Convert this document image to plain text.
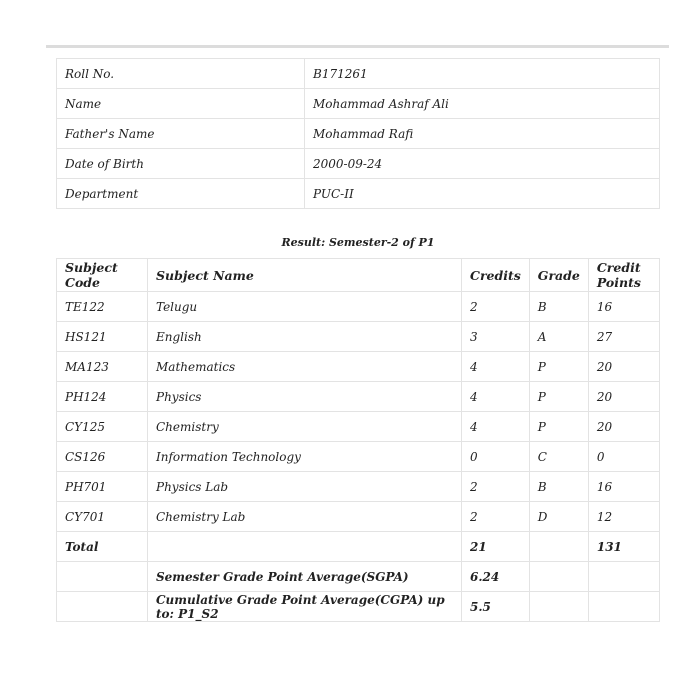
Roll No.	B171261
Name	Mohammad Ashraf Ali
Father's Name	Mohammad Rafi
Date of Birth	2000-09-24
Department	PUC-II
Result: Semester-2 of P1
Subject Code	Subject Name	Credits	Grade	Credit Points
TE122	Telugu	2	B	16
HS121	English	3	A	27
MA123	Mathematics	4	P	20
PH124	Physics	4	P	20
CY125	Chemistry	4	P	20
CS126	Information Technology	0	C	0
PH701	Physics Lab	2	B	16
CY701	Chemistry Lab	2	D	12
Total		21		131
	Semester Grade Point Average(SGPA)	6.24		
	Cumulative Grade Point Average(CGPA) up to: P1_S2	5.5		
